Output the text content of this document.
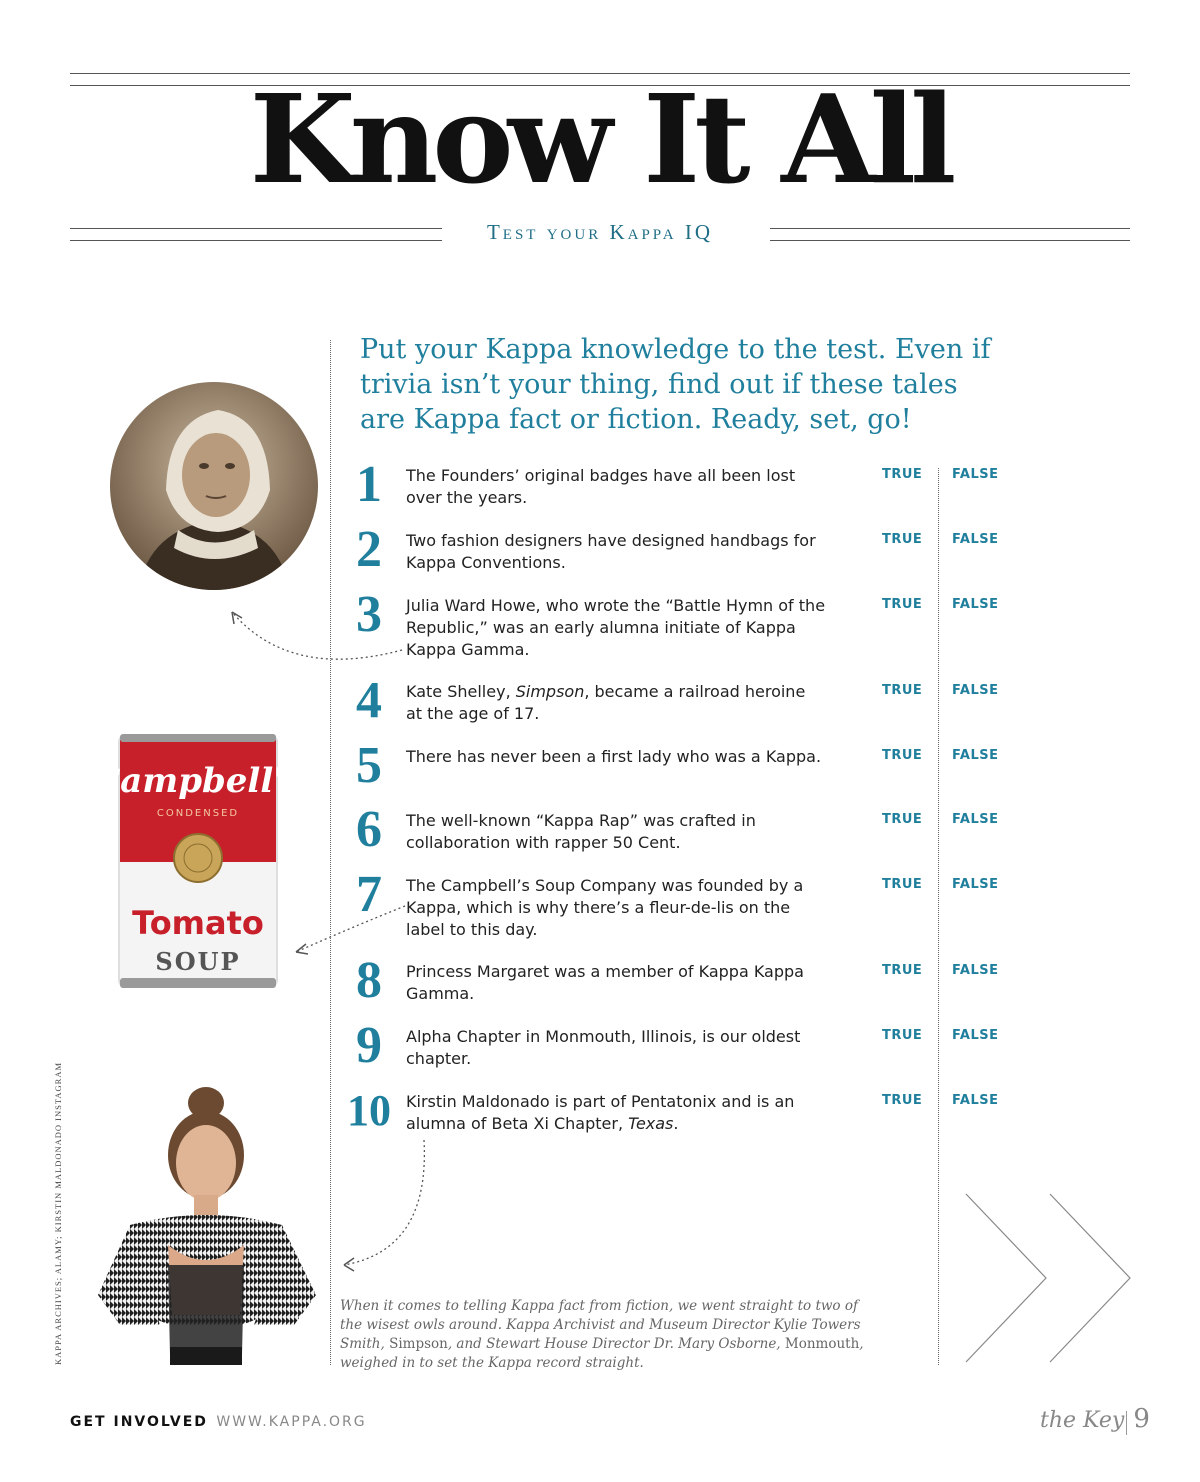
Know It All
Test your Kappa IQ
Put your Kappa knowledge to the test. Even if trivia isn’t your thing, find out if these tales are Kappa fact or fiction. Ready, set, go!
1	The Founders’ original badges have all been lost over the years.
TRUE FALSE
2	Two fashion designers have designed handbags for Kappa Conventions.
TRUE FALSE
3	Julia Ward Howe, who wrote the “Battle Hymn of the Republic,” was an early alumna initiate of Kappa Kappa Gamma.
TRUE FALSE
4	Kate Shelley, Simpson, became a railroad heroine at the age of 17.
TRUE FALSE
5	There has never been a first lady who was a Kappa.	TRUE FALSE
6	The well-known “Kappa Rap” was crafted in collaboration with rapper 50 Cent.
TRUE FALSE
7	The Campbell’s Soup Company was founded by a Kappa, which is why there’s a fleur-de-lis on the label to this day.
TRUE FALSE
8	Princess Margaret was a member of Kappa Kappa Gamma.
TRUE FALSE
9	Alpha Chapter in Monmouth, Illinois, is our oldest chapter.
TRUE FALSE
10 Kirstin Maldonado is part of Pentatonix and is an alumna of Beta Xi Chapter, Texas.
TRUE FALSE
Campbell's
CONDENSED
Tomato
SOUP
When it comes to telling Kappa fact from fiction, we went straight to two of the wisest owls around. Kappa Archivist and Museum Director Kylie Towers Smith, Simpson, and Stewart House Director Dr. Mary Osborne, Monmouth, weighed in to set the Kappa record straight.
KAPPA ARCHIVES; ALAMY; KIRSTIN MALDONADO INSTAGRAM
GET INVOLVED WWW.KAPPA.ORG	the Key 9
